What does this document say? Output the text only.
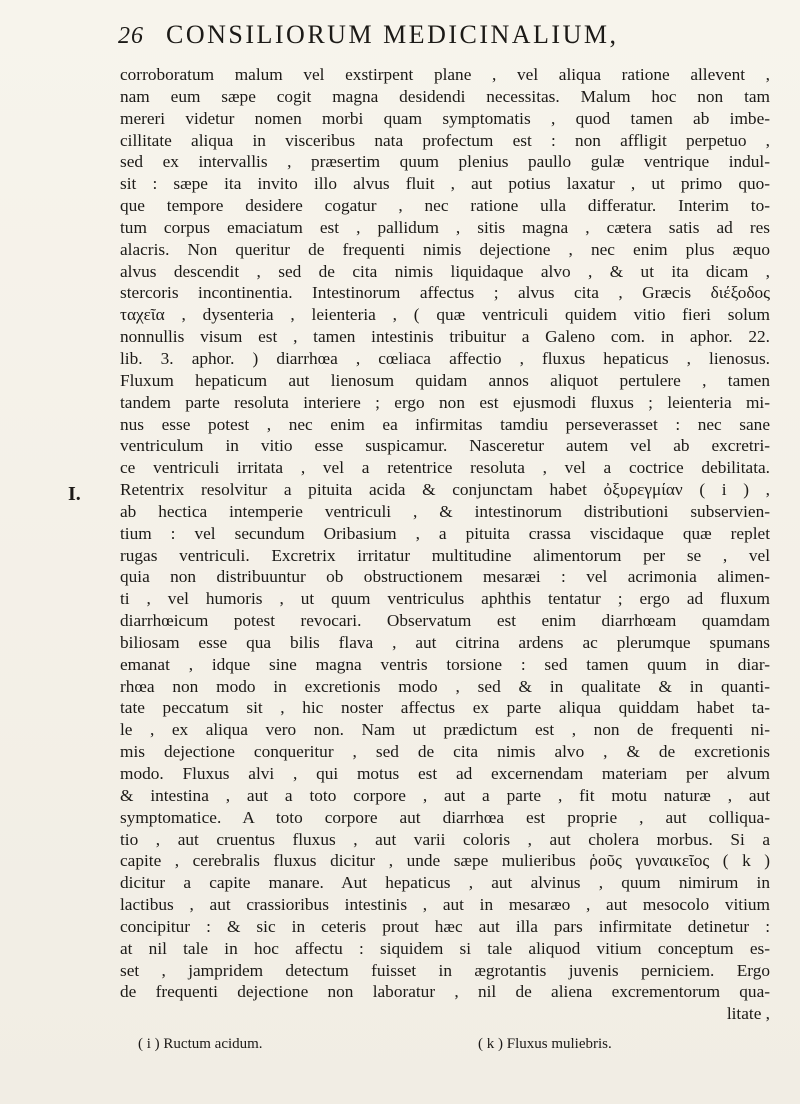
26 CONSILIORUM MEDICINALIUM,
I.
corroboratum malum vel exstirpent plane , vel aliqua ratione allevent ,
nam eum sæpe cogit magna desidendi necessitas. Malum hoc non tam
mereri videtur nomen morbi quam symptomatis , quod tamen ab imbe-
cillitate aliqua in visceribus nata profectum est : non affligit perpetuo ,
sed ex intervallis , præsertim quum plenius paullo gulæ ventrique indul-
sit : sæpe ita invito illo alvus fluit , aut potius laxatur , ut primo quo-
que tempore desidere cogatur , nec ratione ulla differatur. Interim to-
tum corpus emaciatum est , pallidum , sitis magna , cætera satis ad res
alacris. Non queritur de frequenti nimis dejectione , nec enim plus æquo
alvus descendit , sed de cita nimis liquidaque alvo , & ut ita dicam ,
stercoris incontinentia. Intestinorum affectus ; alvus cita , Græcis διέξοδος
ταχεῖα , dysenteria , leienteria , ( quæ ventriculi quidem vitio fieri solum
nonnullis visum est , tamen intestinis tribuitur a Galeno com. in aphor. 22.
lib. 3. aphor. ) diarrhœa , cœliaca affectio , fluxus hepaticus , lienosus.
Fluxum hepaticum aut lienosum quidam annos aliquot pertulere , tamen
tandem parte resoluta interiere ; ergo non est ejusmodi fluxus ; leienteria mi-
nus esse potest , nec enim ea infirmitas tamdiu perseverasset : nec sane
ventriculum in vitio esse suspicamur. Nasceretur autem vel ab excretri-
ce ventriculi irritata , vel a retentrice resoluta , vel a coctrice debilitata.
Retentrix resolvitur a pituita acida & conjunctam habet ὀξυρεγμίαν ( i ) ,
ab hectica intemperie ventriculi , & intestinorum distributioni subservien-
tium : vel secundum Oribasium , a pituita crassa viscidaque quæ replet
rugas ventriculi. Excretrix irritatur multitudine alimentorum per se , vel
quia non distribuuntur ob obstructionem mesaræi : vel acrimonia alimen-
ti , vel humoris , ut quum ventriculus aphthis tentatur ; ergo ad fluxum
diarrhœicum potest revocari. Observatum est enim diarrhœam quamdam
biliosam esse qua bilis flava , aut citrina ardens ac plerumque spumans
emanat , idque sine magna ventris torsione : sed tamen quum in diar-
rhœa non modo in excretionis modo , sed & in qualitate & in quanti-
tate peccatum sit , hic noster affectus ex parte aliqua quiddam habet ta-
le , ex aliqua vero non. Nam ut prædictum est , non de frequenti ni-
mis dejectione conqueritur , sed de cita nimis alvo , & de excretionis
modo. Fluxus alvi , qui motus est ad excernendam materiam per alvum
& intestina , aut a toto corpore , aut a parte , fit motu naturæ , aut
symptomatice. A toto corpore aut diarrhœa est proprie , aut colliqua-
tio , aut cruentus fluxus , aut varii coloris , aut cholera morbus. Si a
capite , cerebralis fluxus dicitur , unde sæpe mulieribus ῥοῦς γυναικεῖος ( k )
dicitur a capite manare. Aut hepaticus , aut alvinus , quum nimirum in
lactibus , aut crassioribus intestinis , aut in mesaræo , aut mesocolo vitium
concipitur : & sic in ceteris prout hæc aut illa pars infirmitate detinetur :
at nil tale in hoc affectu : siquidem si tale aliquod vitium conceptum es-
set , jampridem detectum fuisset in ægrotantis juvenis perniciem. Ergo
de frequenti dejectione non laboratur , nil de aliena excrementorum qua-
litate ,
( i ) Ructum acidum.	( k ) Fluxus muliebris.
